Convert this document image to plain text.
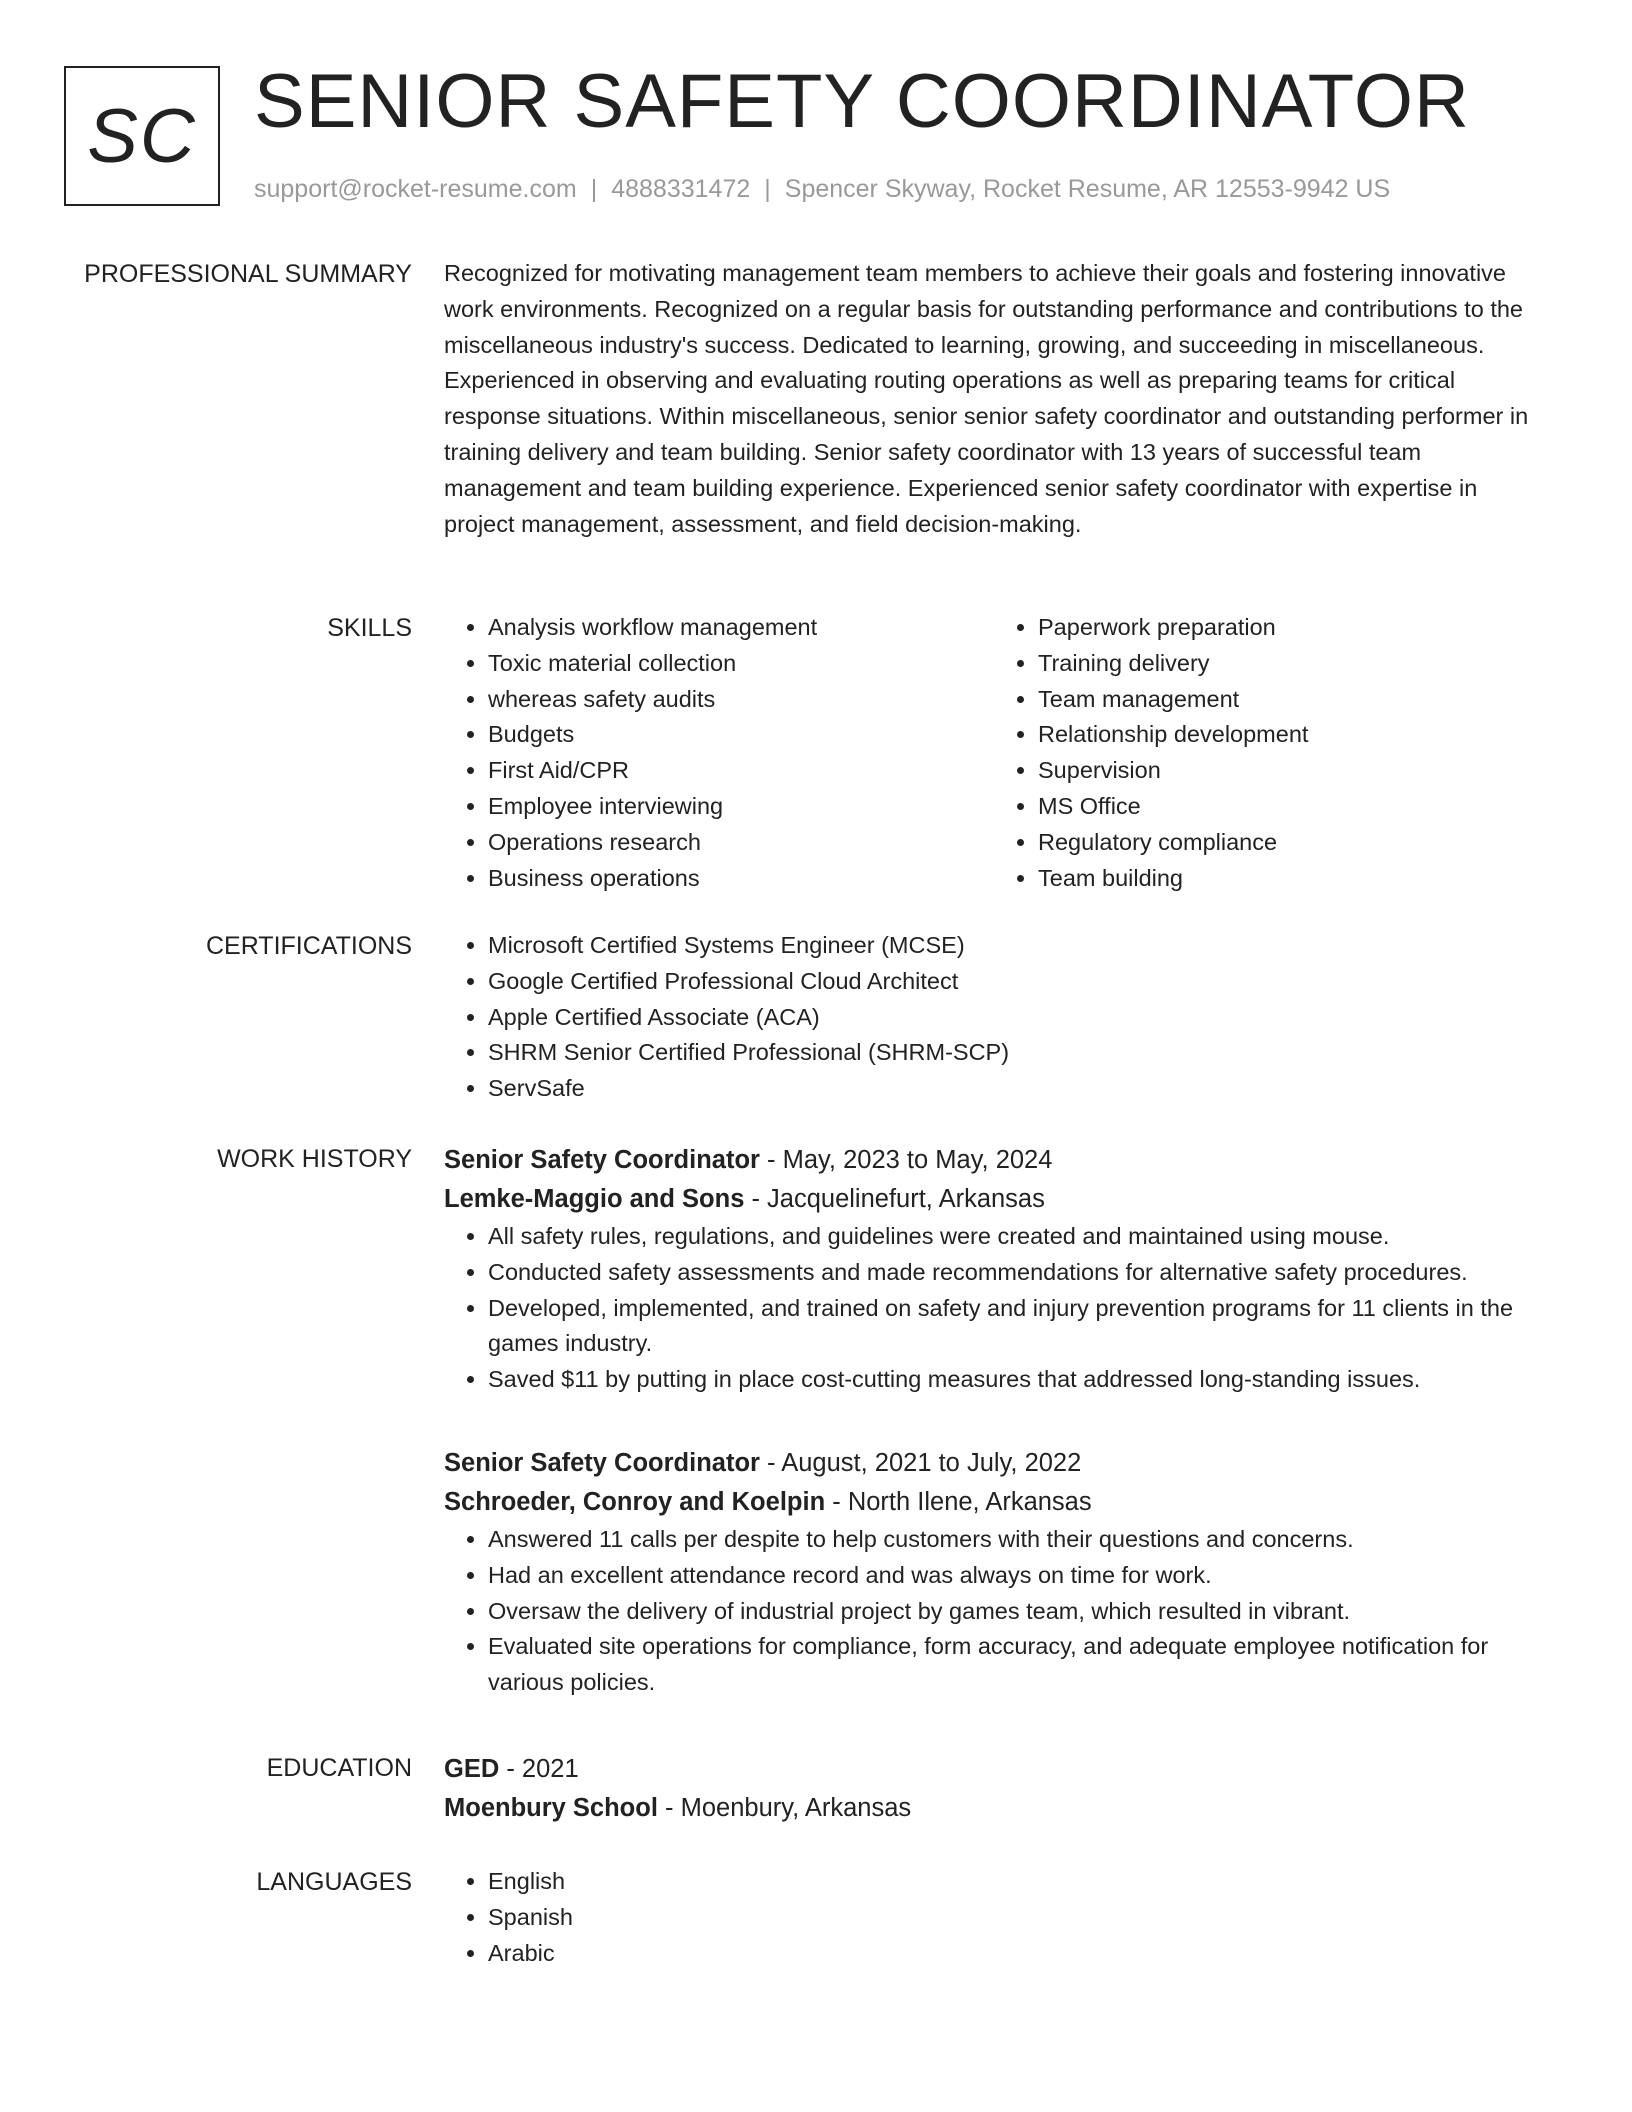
SC SENIOR SAFETY COORDINATOR
support@rocket-resume.com | 4888331472 | Spencer Skyway, Rocket Resume, AR 12553-9942 US
PROFESSIONAL SUMMARY Recognized for motivating management team members to achieve their goals and fostering innovative work environments. Recognized on a regular basis for outstanding performance and contributions to the miscellaneous industry's success. Dedicated to learning, growing, and succeeding in miscellaneous. Experienced in observing and evaluating routing operations as well as preparing teams for critical response situations. Within miscellaneous, senior senior safety coordinator and outstanding performer in training delivery and team building. Senior safety coordinator with 13 years of successful team management and team building experience. Experienced senior safety coordinator with expertise in project management, assessment, and field decision-making.
SKILLS	• Analysis workflow management
• Toxic material collection
• whereas safety audits
• Budgets
• First Aid/CPR
• Employee interviewing
• Operations research
• Business operations
• Paperwork preparation
• Training delivery
• Team management
• Relationship development
• Supervision
• MS Office
• Regulatory compliance
• Team building
CERTIFICATIONS	• Microsoft Certified Systems Engineer (MCSE)
• Google Certified Professional Cloud Architect
• Apple Certified Associate (ACA)
• SHRM Senior Certified Professional (SHRM-SCP)
• ServSafe
WORK HISTORY Senior Safety Coordinator - May, 2023 to May, 2024
Lemke-Maggio and Sons - Jacquelinefurt, Arkansas
• All safety rules, regulations, and guidelines were created and maintained using mouse.
• Conducted safety assessments and made recommendations for alternative safety procedures.
• Developed, implemented, and trained on safety and injury prevention programs for 11 clients in the games industry.
• Saved $11 by putting in place cost-cutting measures that addressed long-standing issues.
Senior Safety Coordinator - August, 2021 to July, 2022
Schroeder, Conroy and Koelpin - North Ilene, Arkansas
• Answered 11 calls per despite to help customers with their questions and concerns.
• Had an excellent attendance record and was always on time for work.
• Oversaw the delivery of industrial project by games team, which resulted in vibrant.
• Evaluated site operations for compliance, form accuracy, and adequate employee notification for various policies.
EDUCATION GED - 2021
Moenbury School - Moenbury, Arkansas
LANGUAGES	• English
• Spanish
• Arabic
